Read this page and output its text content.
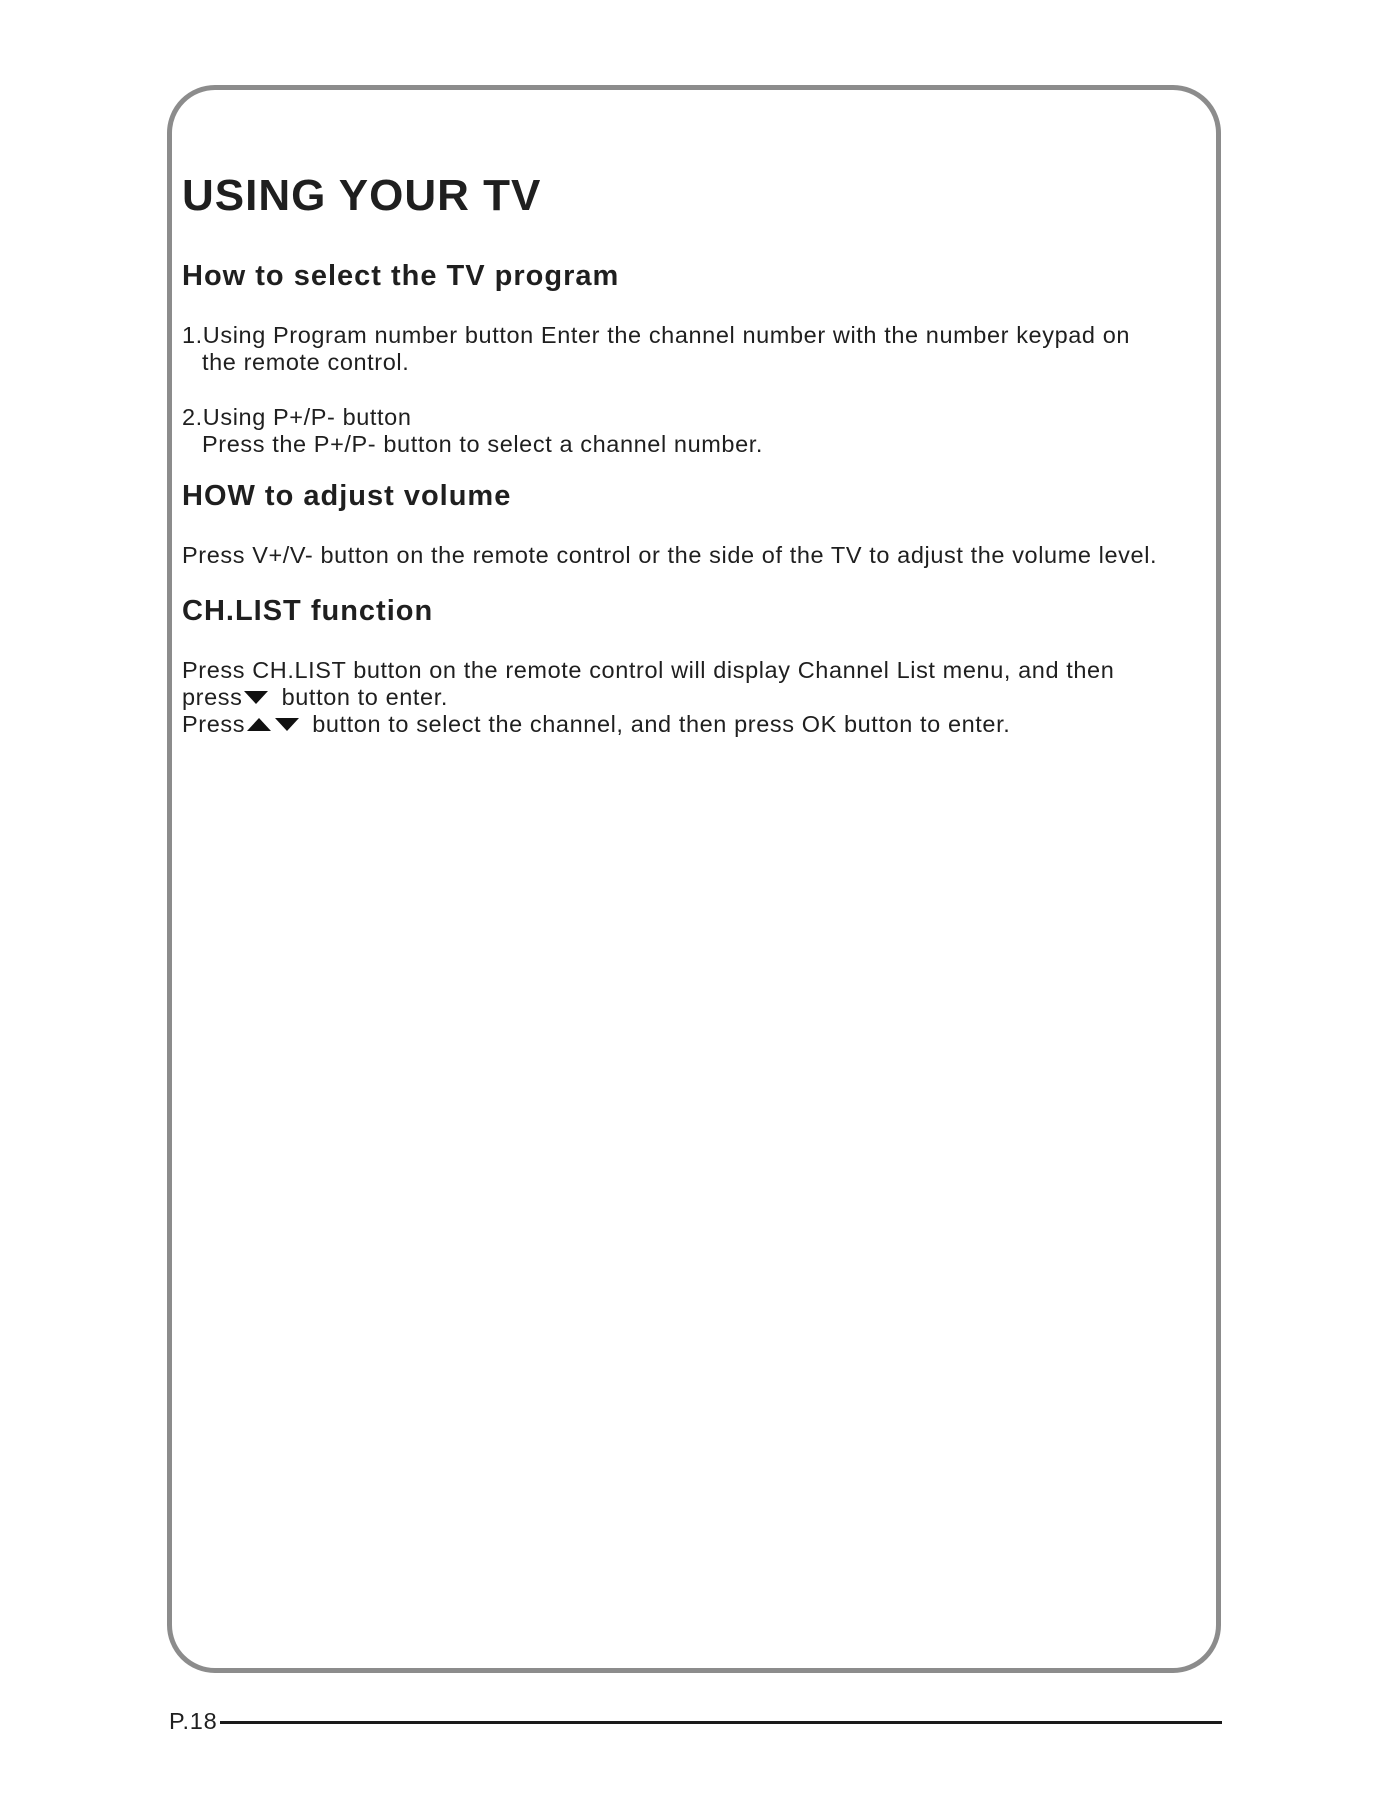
USING YOUR TV
How to select the TV program

1.Using Program number button Enter the channel number with the number keypad on

the remote control.

2.Using P+/P- button

Press the P+/P- button to select a channel number.

HOW to adjust volume

Press V+/V- button on the remote control or the side of the TV to adjust the volume level.

CH.LIST function

Press CH.LIST button on the remote control will display Channel List menu, and then

press button to enter.

Press	button to select the channel, and then press OK button to enter.

P.18
